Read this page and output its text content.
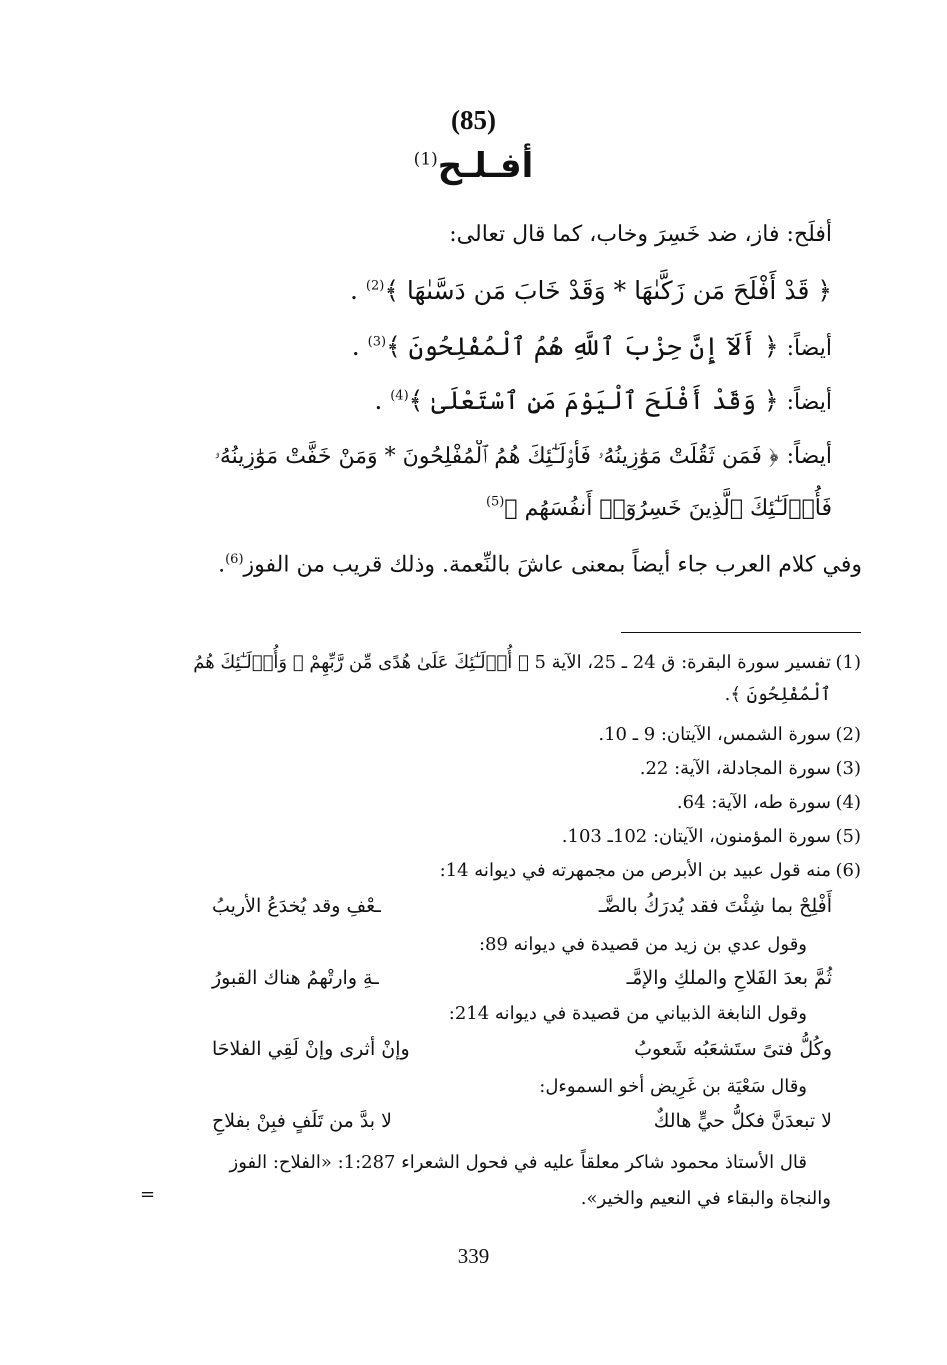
(85)
أفـلـح$^{(1)}$
أفلَح: فاز، ضد خَسِرَ وخاب، كما قال تعالى:
﴿ قَدْ أَفْلَحَ مَن زَكَّىٰهَا * وَقَدْ خَابَ مَن دَسَّىٰهَا ﴾$^{(2)}$ .
أيضاً: ﴿ أَلَآ إِنَّ حِزْبَ ٱللَّهِ هُمُ ٱلْمُفْلِحُونَ ﴾$^{(3)}$ .
أيضاً: ﴿ وَقَدْ أَفْلَحَ ٱلْيَوْمَ مَنِ ٱسْتَعْلَىٰ ﴾$^{(4)}$ .
أيضاً: ﴿ فَمَن ثَقُلَتْ مَوَٰزِينُهُۥ فَأُو۟لَـٰٓئِكَ هُمُ ٱلْمُفْلِحُونَ * وَمَنْ خَفَّتْ مَوَٰزِينُهُۥ
فَأُو۟لَـٰٓئِكَ ٱلَّذِينَ خَسِرُوٓا۟ أَنفُسَهُم ﴾$^{(5)}$
وفي كلام العرب جاء أيضاً بمعنى عاشَ بالنِّعمة. وذلك قريب من الفوز$^{(6)}$.
(1)تفسير سورة البقرة: ق 24 ـ 25، الآية 5 ﴿ أُو۟لَـٰٓئِكَ عَلَىٰ هُدًى مِّن رَّبِّهِمْ ۖ وَأُو۟لَـٰٓئِكَ هُمُ
ٱلْمُفْلِحُونَ ﴾.
(2)سورة الشمس، الآيتان: 9 ـ 10.
(3)سورة المجادلة، الآية: 22.
(4)سورة طه، الآية: 64.
(5)سورة المؤمنون، الآيتان: 102ـ 103.
(6)منه قول عبيد بن الأبرص من مجمهرته في ديوانه 14:
أَفْلِحْ بما شِئْتَ فقد يُدرَكُ بالضَّـ
ـعْفِ وقد يُخدَعُ الأريبُ
وقول عدي بن زيد من قصيدة في ديوانه 89:
ثُمَّ بعدَ الفَلاحِ والملكِ والإمَّـ
ـةِ وارتْهمُ هناك القبورُ
وقول النابغة الذبياني من قصيدة في ديوانه 214:
وكُلُّ فتىً ستَشعَبُه شَعوبُ
وإنْ أثرى وإنْ لَقِي الفلاحَا
وقال سَعْيَة بن غَرِيض أخو السموءل:
لا تبعدَنَّ فكلُّ حيٍّ هالكٌ
لا بدَّ من تَلَفٍ فبِنْ بفلاحِ
قال الأستاذ محمود شاكر معلقاً عليه في فحول الشعراء 1:287: «الفلاح: الفوز
والنجاة والبقاء في النعيم والخير».
=
339
